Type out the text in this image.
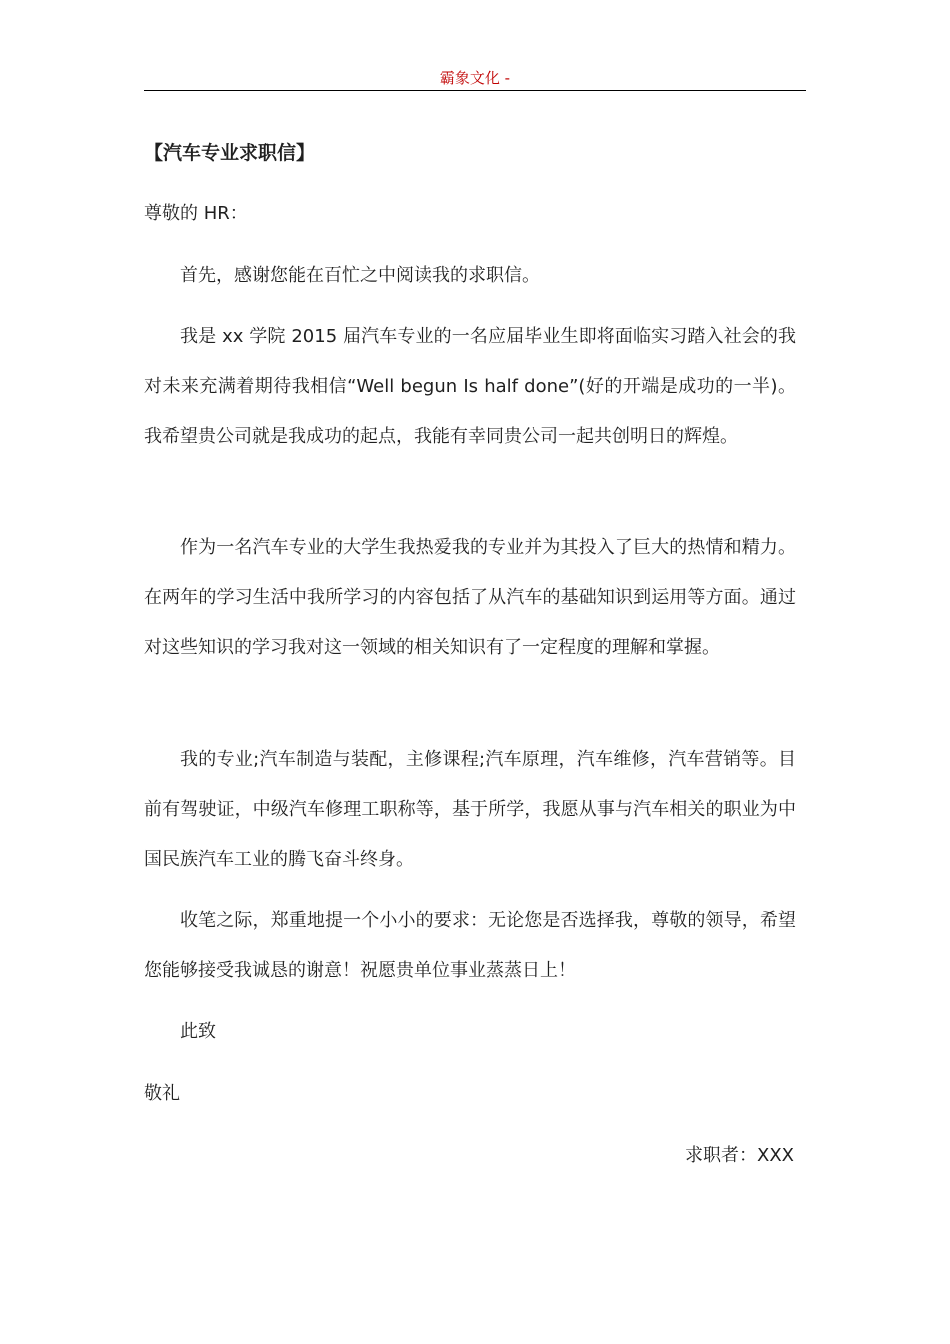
霸象文化 -
【汽车专业求职信】
尊敬的 HR：
首先，感谢您能在百忙之中阅读我的求职信。
我是 xx 学院 2015 届汽车专业的一名应届毕业生即将面临实习踏入社会的我对未来充满着期待我相信“Well begun Is half done”(好的开端是成功的一半)。我希望贵公司就是我成功的起点，我能有幸同贵公司一起共创明日的辉煌。
作为一名汽车专业的大学生我热爱我的专业并为其投入了巨大的热情和精力。在两年的学习生活中我所学习的内容包括了从汽车的基础知识到运用等方面。通过对这些知识的学习我对这一领域的相关知识有了一定程度的理解和掌握。
我的专业;汽车制造与装配，主修课程;汽车原理，汽车维修，汽车营销等。目前有驾驶证，中级汽车修理工职称等，基于所学，我愿从事与汽车相关的职业为中国民族汽车工业的腾飞奋斗终身。
收笔之际，郑重地提一个小小的要求：无论您是否选择我，尊敬的领导，希望您能够接受我诚恳的谢意！祝愿贵单位事业蒸蒸日上！
此致
敬礼
求职者：XXX
